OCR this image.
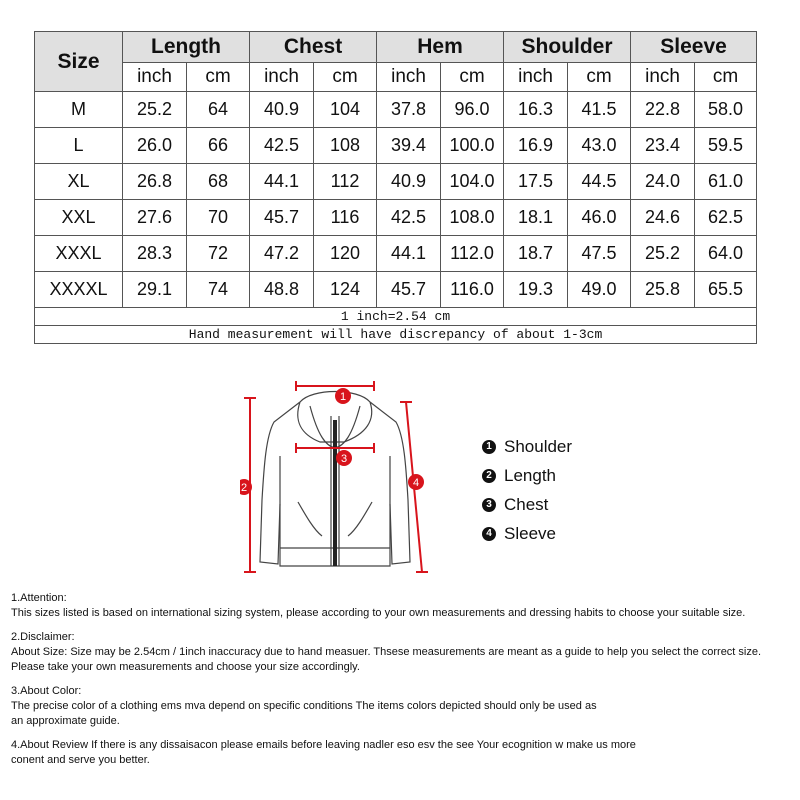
Size	Length		Chest		Hem		Shoulder		Sleeve	
	inch	cm	inch	cm	inch	cm	inch	cm	inch	cm
M	25.2	64	40.9	104	37.8	96.0	16.3	41.5	22.8	58.0
L	26.0	66	42.5	108	39.4	100.0	16.9	43.0	23.4	59.5
XL	26.8	68	44.1	112	40.9	104.0	17.5	44.5	24.0	61.0
XXL	27.6	70	45.7	116	42.5	108.0	18.1	46.0	24.6	62.5
XXXL	28.3	72	47.2	120	44.1	112.0	18.7	47.5	25.2	64.0
XXXXL	29.1	74	48.8	124	45.7	116.0	19.3	49.0	25.8	65.5
1 inch=2.54 cm										
Hand measurement will have discrepancy of about 1-3cm										
1
2
3
4
1 Shoulder
2 Length
3 Chest
4 Sleeve
1.Attention:
This sizes listed is based on international sizing system, please according to your own measurements and dressing habits to choose your suitable size.
2.Disclaimer:
About Size: Size may be 2.54cm / 1inch inaccuracy due to hand measuer. Thsese measurements are meant as a guide to help you select the correct size.
Please take your own measurements and choose your size accordingly.
3.About Color:
The precise color of a clothing ems mva depend on specific conditions The items colors depicted should only be used as
an approximate guide.
4.About Review If there is any dissaisacon please emails before leaving nadler eso esv the see Your ecognition w make us more
conent and serve you better.
